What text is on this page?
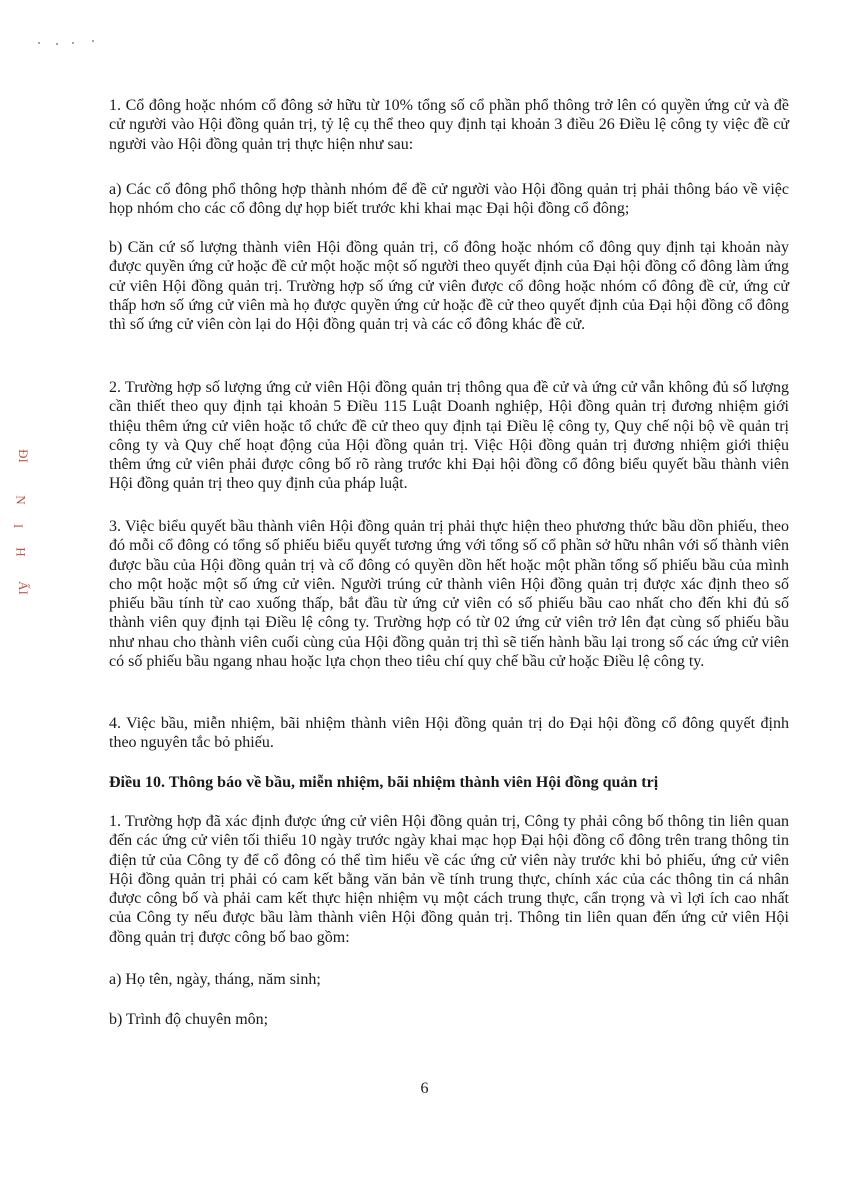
ĐI
N
I
H
ẤI

1. Cổ đông hoặc nhóm cổ đông sở hữu từ 10% tổng số cổ phần phổ thông trở lên có quyền ứng cử và đề cử người vào Hội đồng quản trị, tỷ lệ cụ thể theo quy định tại khoản 3 điều 26 Điều lệ công ty việc đề cử người vào Hội đồng quản trị thực hiện như sau:

a) Các cổ đông phổ thông hợp thành nhóm để đề cử người vào Hội đồng quản trị phải thông báo về việc họp nhóm cho các cổ đông dự họp biết trước khi khai mạc Đại hội đồng cổ đông;

b) Căn cứ số lượng thành viên Hội đồng quản trị, cổ đông hoặc nhóm cổ đông quy định tại khoản này được quyền ứng cử hoặc đề cử một hoặc một số người theo quyết định của Đại hội đồng cổ đông làm ứng cử viên Hội đồng quản trị. Trường hợp số ứng cử viên được cổ đông hoặc nhóm cổ đông đề cử, ứng cử thấp hơn số ứng cử viên mà họ được quyền ứng cử hoặc đề cử theo quyết định của Đại hội đồng cổ đông thì số ứng cử viên còn lại do Hội đồng quản trị và các cổ đông khác đề cử.

2. Trường hợp số lượng ứng cử viên Hội đồng quản trị thông qua đề cử và ứng cử vẫn không đủ số lượng cần thiết theo quy định tại khoản 5 Điều 115 Luật Doanh nghiệp, Hội đồng quản trị đương nhiệm giới thiệu thêm ứng cử viên hoặc tổ chức đề cử theo quy định tại Điều lệ công ty, Quy chế nội bộ về quản trị công ty và Quy chế hoạt động của Hội đồng quản trị. Việc Hội đồng quản trị đương nhiệm giới thiệu thêm ứng cử viên phải được công bố rõ ràng trước khi Đại hội đồng cổ đông biểu quyết bầu thành viên Hội đồng quản trị theo quy định của pháp luật.

3. Việc biểu quyết bầu thành viên Hội đồng quản trị phải thực hiện theo phương thức bầu dồn phiếu, theo đó mỗi cổ đông có tổng số phiếu biểu quyết tương ứng với tổng số cổ phần sở hữu nhân với số thành viên được bầu của Hội đồng quản trị và cổ đông có quyền dồn hết hoặc một phần tổng số phiếu bầu của mình cho một hoặc một số ứng cử viên. Người trúng cử thành viên Hội đồng quản trị được xác định theo số phiếu bầu tính từ cao xuống thấp, bắt đầu từ ứng cử viên có số phiếu bầu cao nhất cho đến khi đủ số thành viên quy định tại Điều lệ công ty. Trường hợp có từ 02 ứng cử viên trở lên đạt cùng số phiếu bầu như nhau cho thành viên cuối cùng của Hội đồng quản trị thì sẽ tiến hành bầu lại trong số các ứng cử viên có số phiếu bầu ngang nhau hoặc lựa chọn theo tiêu chí quy chế bầu cử hoặc Điều lệ công ty.

4. Việc bầu, miễn nhiệm, bãi nhiệm thành viên Hội đồng quản trị do Đại hội đồng cổ đông quyết định theo nguyên tắc bỏ phiếu.

Điều 10. Thông báo về bầu, miễn nhiệm, bãi nhiệm thành viên Hội đồng quản trị

1. Trường hợp đã xác định được ứng cử viên Hội đồng quản trị, Công ty phải công bố thông tin liên quan đến các ứng cử viên tối thiểu 10 ngày trước ngày khai mạc họp Đại hội đồng cổ đông trên trang thông tin điện tử của Công ty để cổ đông có thể tìm hiểu về các ứng cử viên này trước khi bỏ phiếu, ứng cử viên Hội đồng quản trị phải có cam kết bằng văn bản về tính trung thực, chính xác của các thông tin cá nhân được công bố và phải cam kết thực hiện nhiệm vụ một cách trung thực, cẩn trọng và vì lợi ích cao nhất của Công ty nếu được bầu làm thành viên Hội đồng quản trị. Thông tin liên quan đến ứng cử viên Hội đồng quản trị được công bố bao gồm:

a) Họ tên, ngày, tháng, năm sinh;

b) Trình độ chuyên môn;

6
